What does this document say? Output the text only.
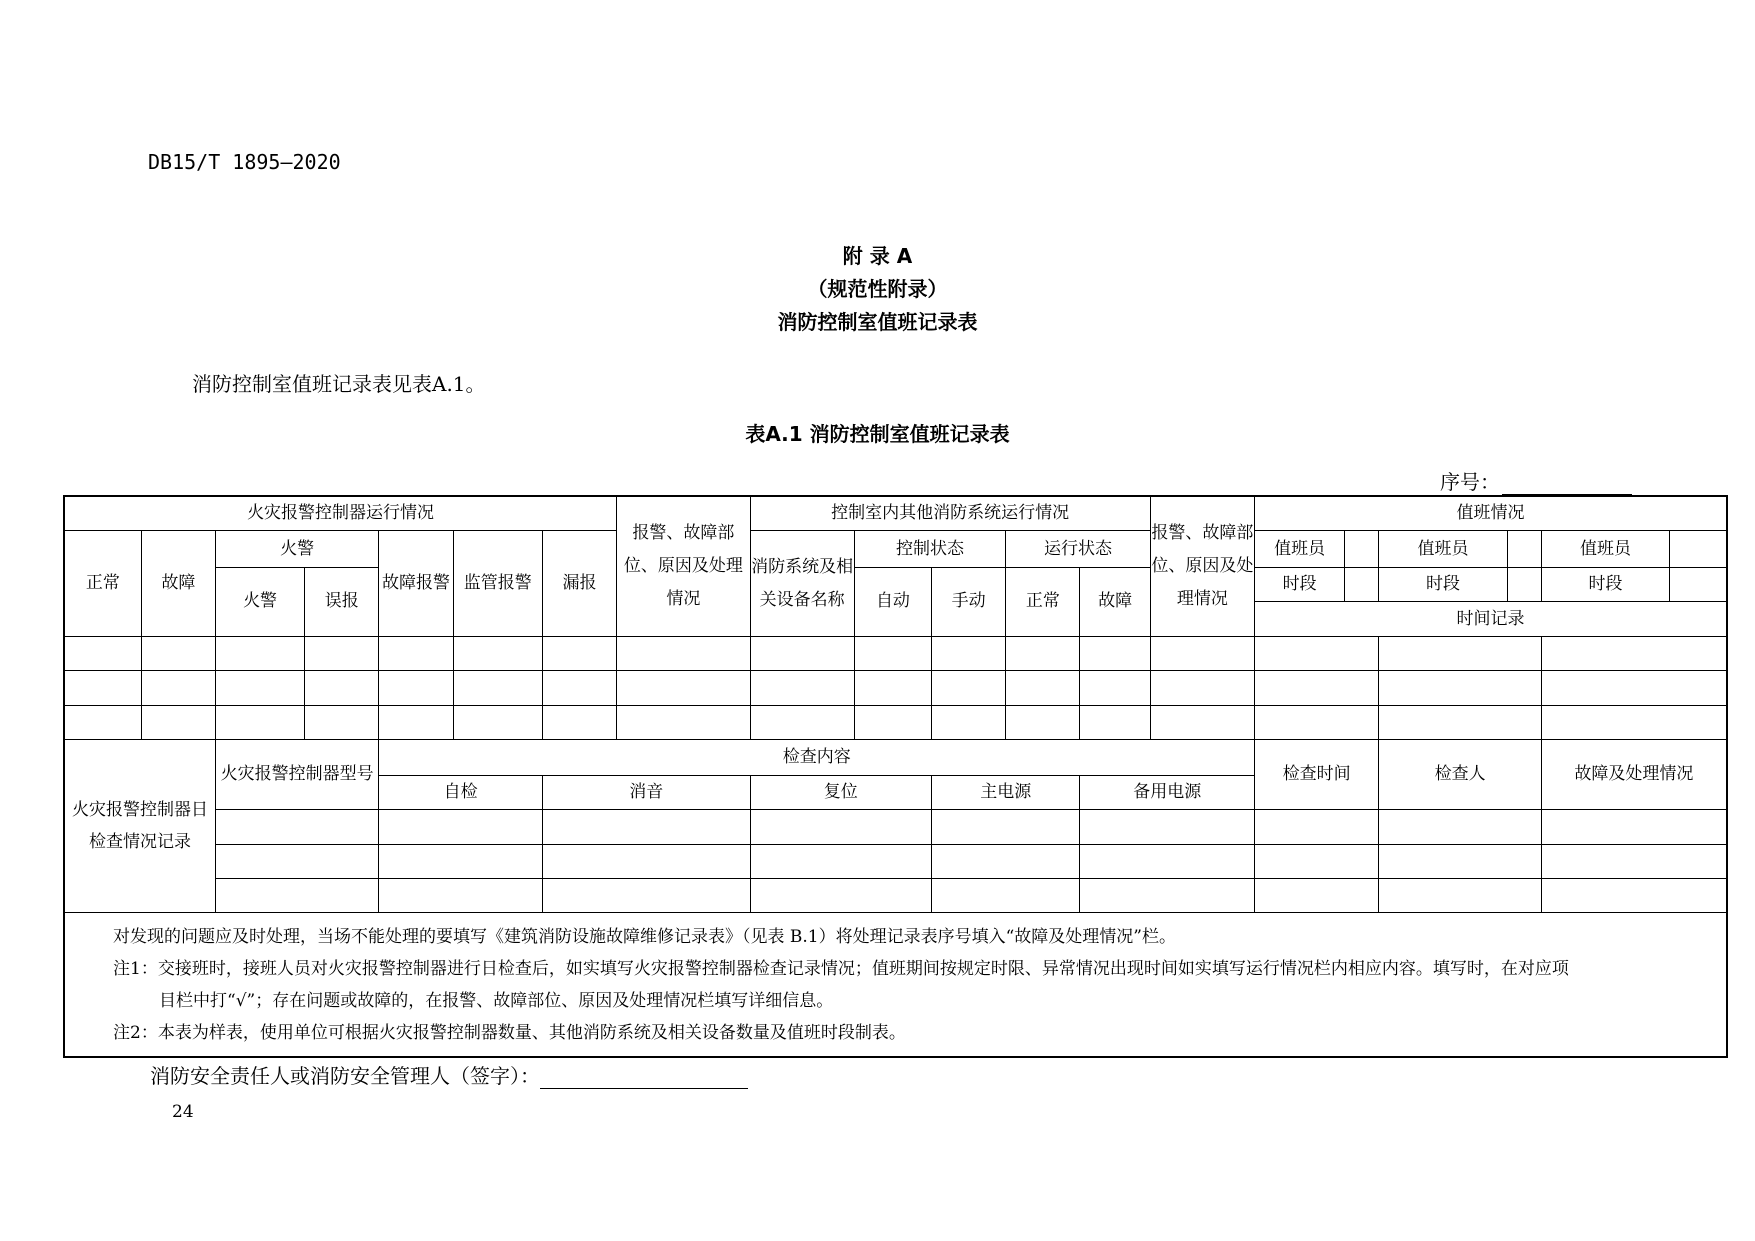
DB15/T 1895—2020
附 录 A
（规范性附录）
消防控制室值班记录表
消防控制室值班记录表见表A.1。
表A.1 消防控制室值班记录表
序号：
火灾报警控制器运行情况							报警、故障部位、原因及处理情况	控制室内其他消防系统运行情况					报警、故障部位、原因及处理情况	值班情况					
正常	故障	火警		故障报警	监管报警	漏报		消防系统及相关设备名称	控制状态		运行状态			值班员		值班员		值班员	
		火警	误报						自动	手动	正常	故障		时段		时段		时段	
														时间记录					

火灾报警控制器日检查情况记录		火灾报警控制器型号		检查内容										检查时间		检查人		故障及处理情况	
				自检		消音		复位		主电源		备用电源							

对发现的问题应及时处理，当场不能处理的要填写《建筑消防设施故障维修记录表》（见表 B.1）将处理记录表序号填入“故障及处理情况”栏。
注1：交接班时，接班人员对火灾报警控制器进行日检查后，如实填写火灾报警控制器检查记录情况；值班期间按规定时限、异常情况出现时间如实填写运行情况栏内相应内容。填写时，在对应项
目栏中打“√”；存在问题或故障的，在报警、故障部位、原因及处理情况栏填写详细信息。
注2：本表为样表，使用单位可根据火灾报警控制器数量、其他消防系统及相关设备数量及值班时段制表。																			
消防安全责任人或消防安全管理人（签字）：
24
